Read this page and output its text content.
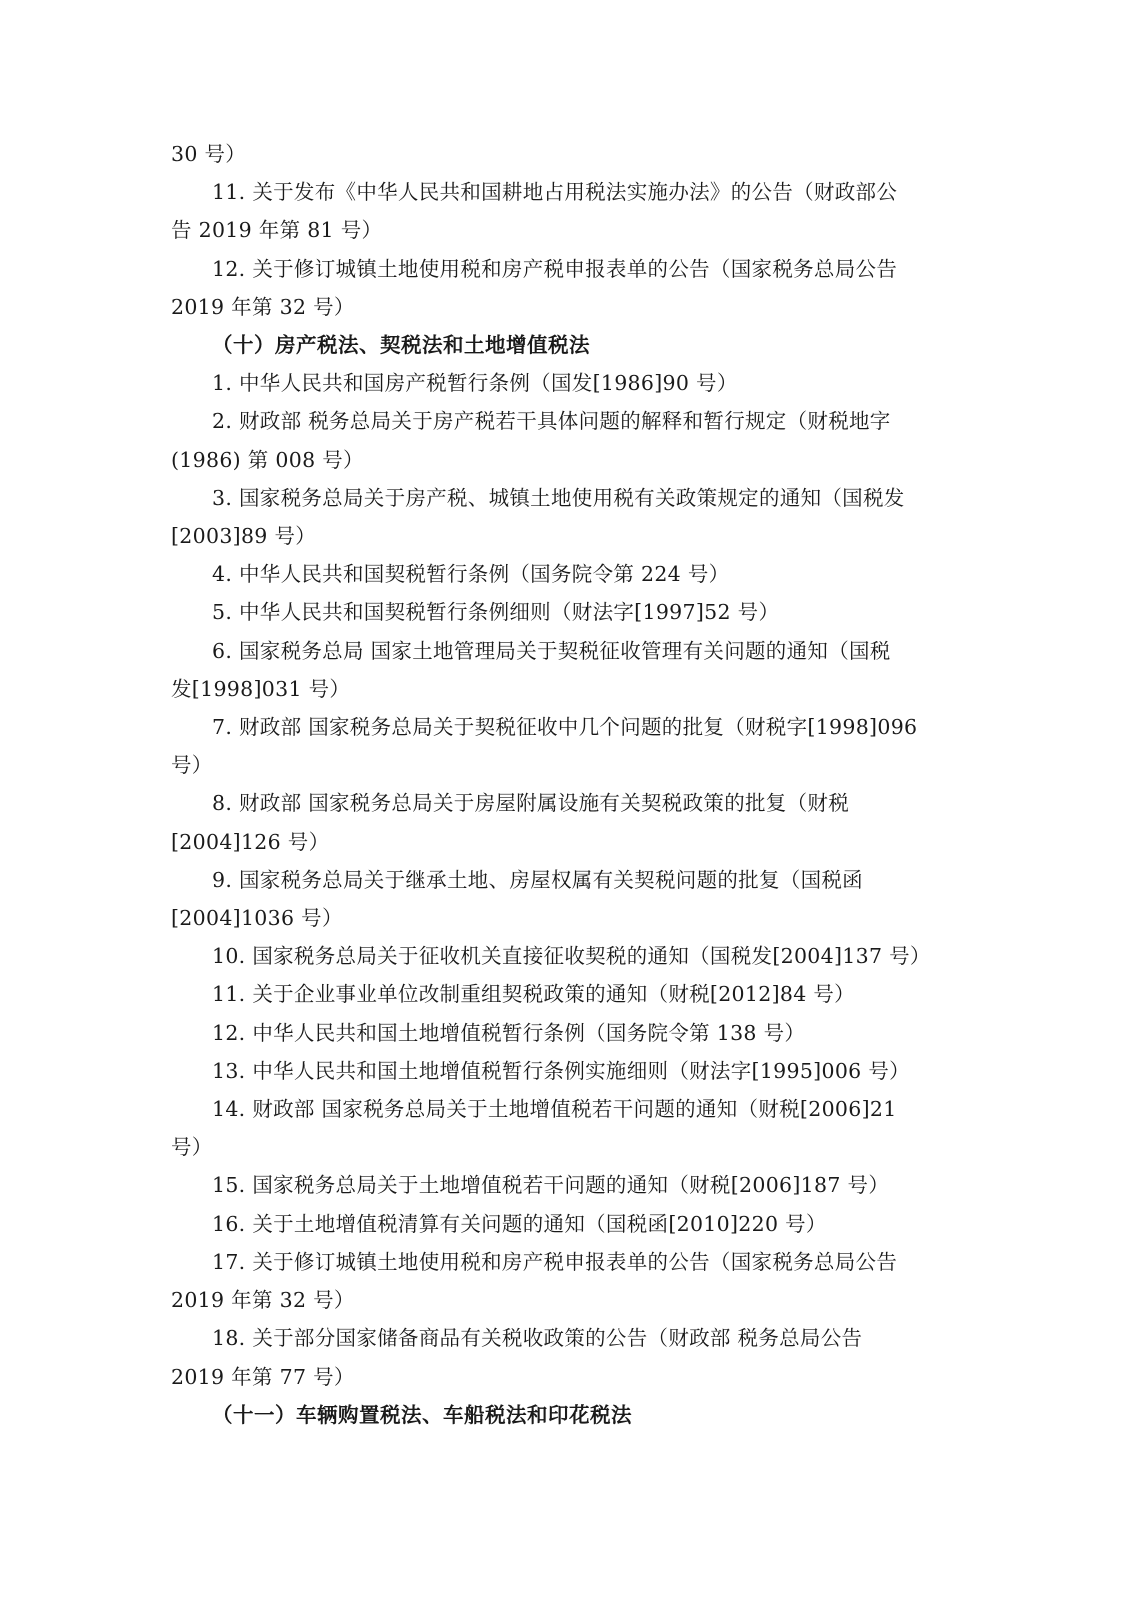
30 号）

11. 关于发布《中华人民共和国耕地占用税法实施办法》的公告（财政部公

告 2019 年第 81 号）

12. 关于修订城镇土地使用税和房产税申报表单的公告（国家税务总局公告

2019 年第 32 号）

（十）房产税法、契税法和土地增值税法

1. 中华人民共和国房产税暂行条例（国发[1986]90 号）

2. 财政部 税务总局关于房产税若干具体问题的解释和暂行规定（财税地字

(1986) 第 008 号）

3. 国家税务总局关于房产税、城镇土地使用税有关政策规定的通知（国税发

[2003]89 号）

4. 中华人民共和国契税暂行条例（国务院令第 224 号）

5. 中华人民共和国契税暂行条例细则（财法字[1997]52 号）

6. 国家税务总局 国家土地管理局关于契税征收管理有关问题的通知（国税

发[1998]031 号）

7. 财政部 国家税务总局关于契税征收中几个问题的批复（财税字[1998]096

号）

8. 财政部 国家税务总局关于房屋附属设施有关契税政策的批复（财税

[2004]126 号）

9. 国家税务总局关于继承土地、房屋权属有关契税问题的批复（国税函

[2004]1036 号）

10. 国家税务总局关于征收机关直接征收契税的通知（国税发[2004]137 号）

11. 关于企业事业单位改制重组契税政策的通知（财税[2012]84 号）

12. 中华人民共和国土地增值税暂行条例（国务院令第 138 号）

13. 中华人民共和国土地增值税暂行条例实施细则（财法字[1995]006 号）

14. 财政部 国家税务总局关于土地增值税若干问题的通知（财税[2006]21

号）

15. 国家税务总局关于土地增值税若干问题的通知（财税[2006]187 号）

16. 关于土地增值税清算有关问题的通知（国税函[2010]220 号）

17. 关于修订城镇土地使用税和房产税申报表单的公告（国家税务总局公告

2019 年第 32 号）

18. 关于部分国家储备商品有关税收政策的公告（财政部 税务总局公告

2019 年第 77 号）

（十一）车辆购置税法、车船税法和印花税法
